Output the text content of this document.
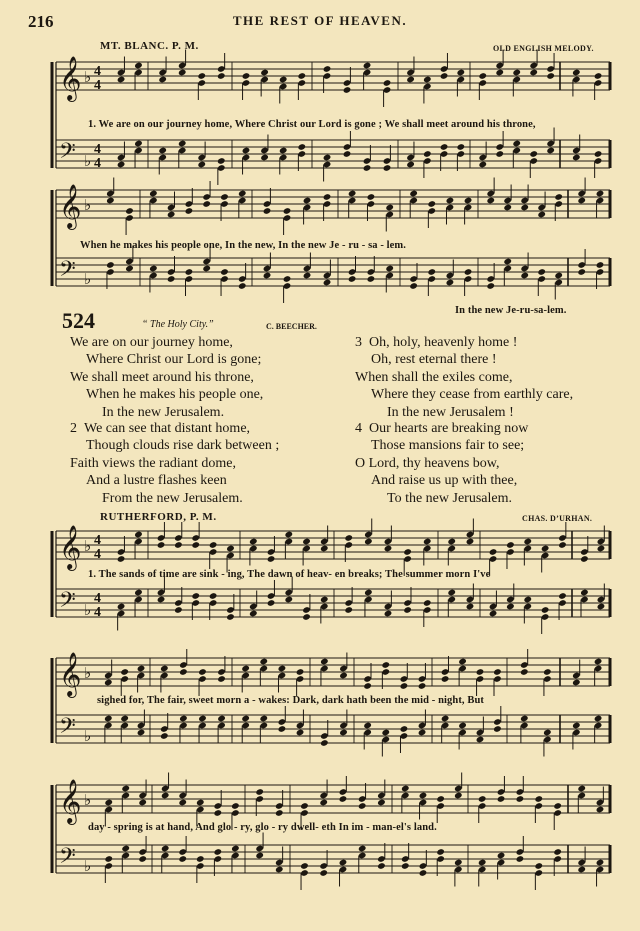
216	THE REST OF HEAVEN.
MT. BLANC. P. M.	OLD ENGLISH MELODY.
𝄞 ♭ 4
4
𝄢 ♭
4
4
𝄞 ♭
𝄢 ♭
𝄞 ♭ 4
4
𝄢 ♭
4
4
𝄞 ♭
𝄢 ♭
𝄞 ♭
𝄢 ♭
1. We are on our journey home, Where Christ our Lord is gone ; We shall meet around his throne,
When he makes his people one, In the new, In the new Je - ru - sa - lem.
In the new Je-ru-sa-lem.
524	“ The Holy City.”	C. BEECHER.
We are on our journey home,
Where Christ our Lord is gone;
We shall meet around his throne,
When he makes his people one,
In the new Jerusalem.
2 We can see that distant home,
Though clouds rise dark between ;
Faith views the radiant dome,
And a lustre flashes keen
From the new Jerusalem.
3 Oh, holy, heavenly home !
Oh, rest eternal there !
When shall the exiles come,
Where they cease from earthly care,
In the new Jerusalem !
4 Our hearts are breaking now
Those mansions fair to see;
O Lord, thy heavens bow,
And raise us up with thee,
To the new Jerusalem.
RUTHERFORD, P. M.	CHAS. D’URHAN.
1. The sands of time are sink - ing, The dawn of heav- en breaks; The summer morn I've
sighed for, The fair, sweet morn a - wakes: Dark, dark hath been the mid - night, But
day - spring is at hand, And glo - ry, glo - ry dwell- eth In im - man-el's land.
